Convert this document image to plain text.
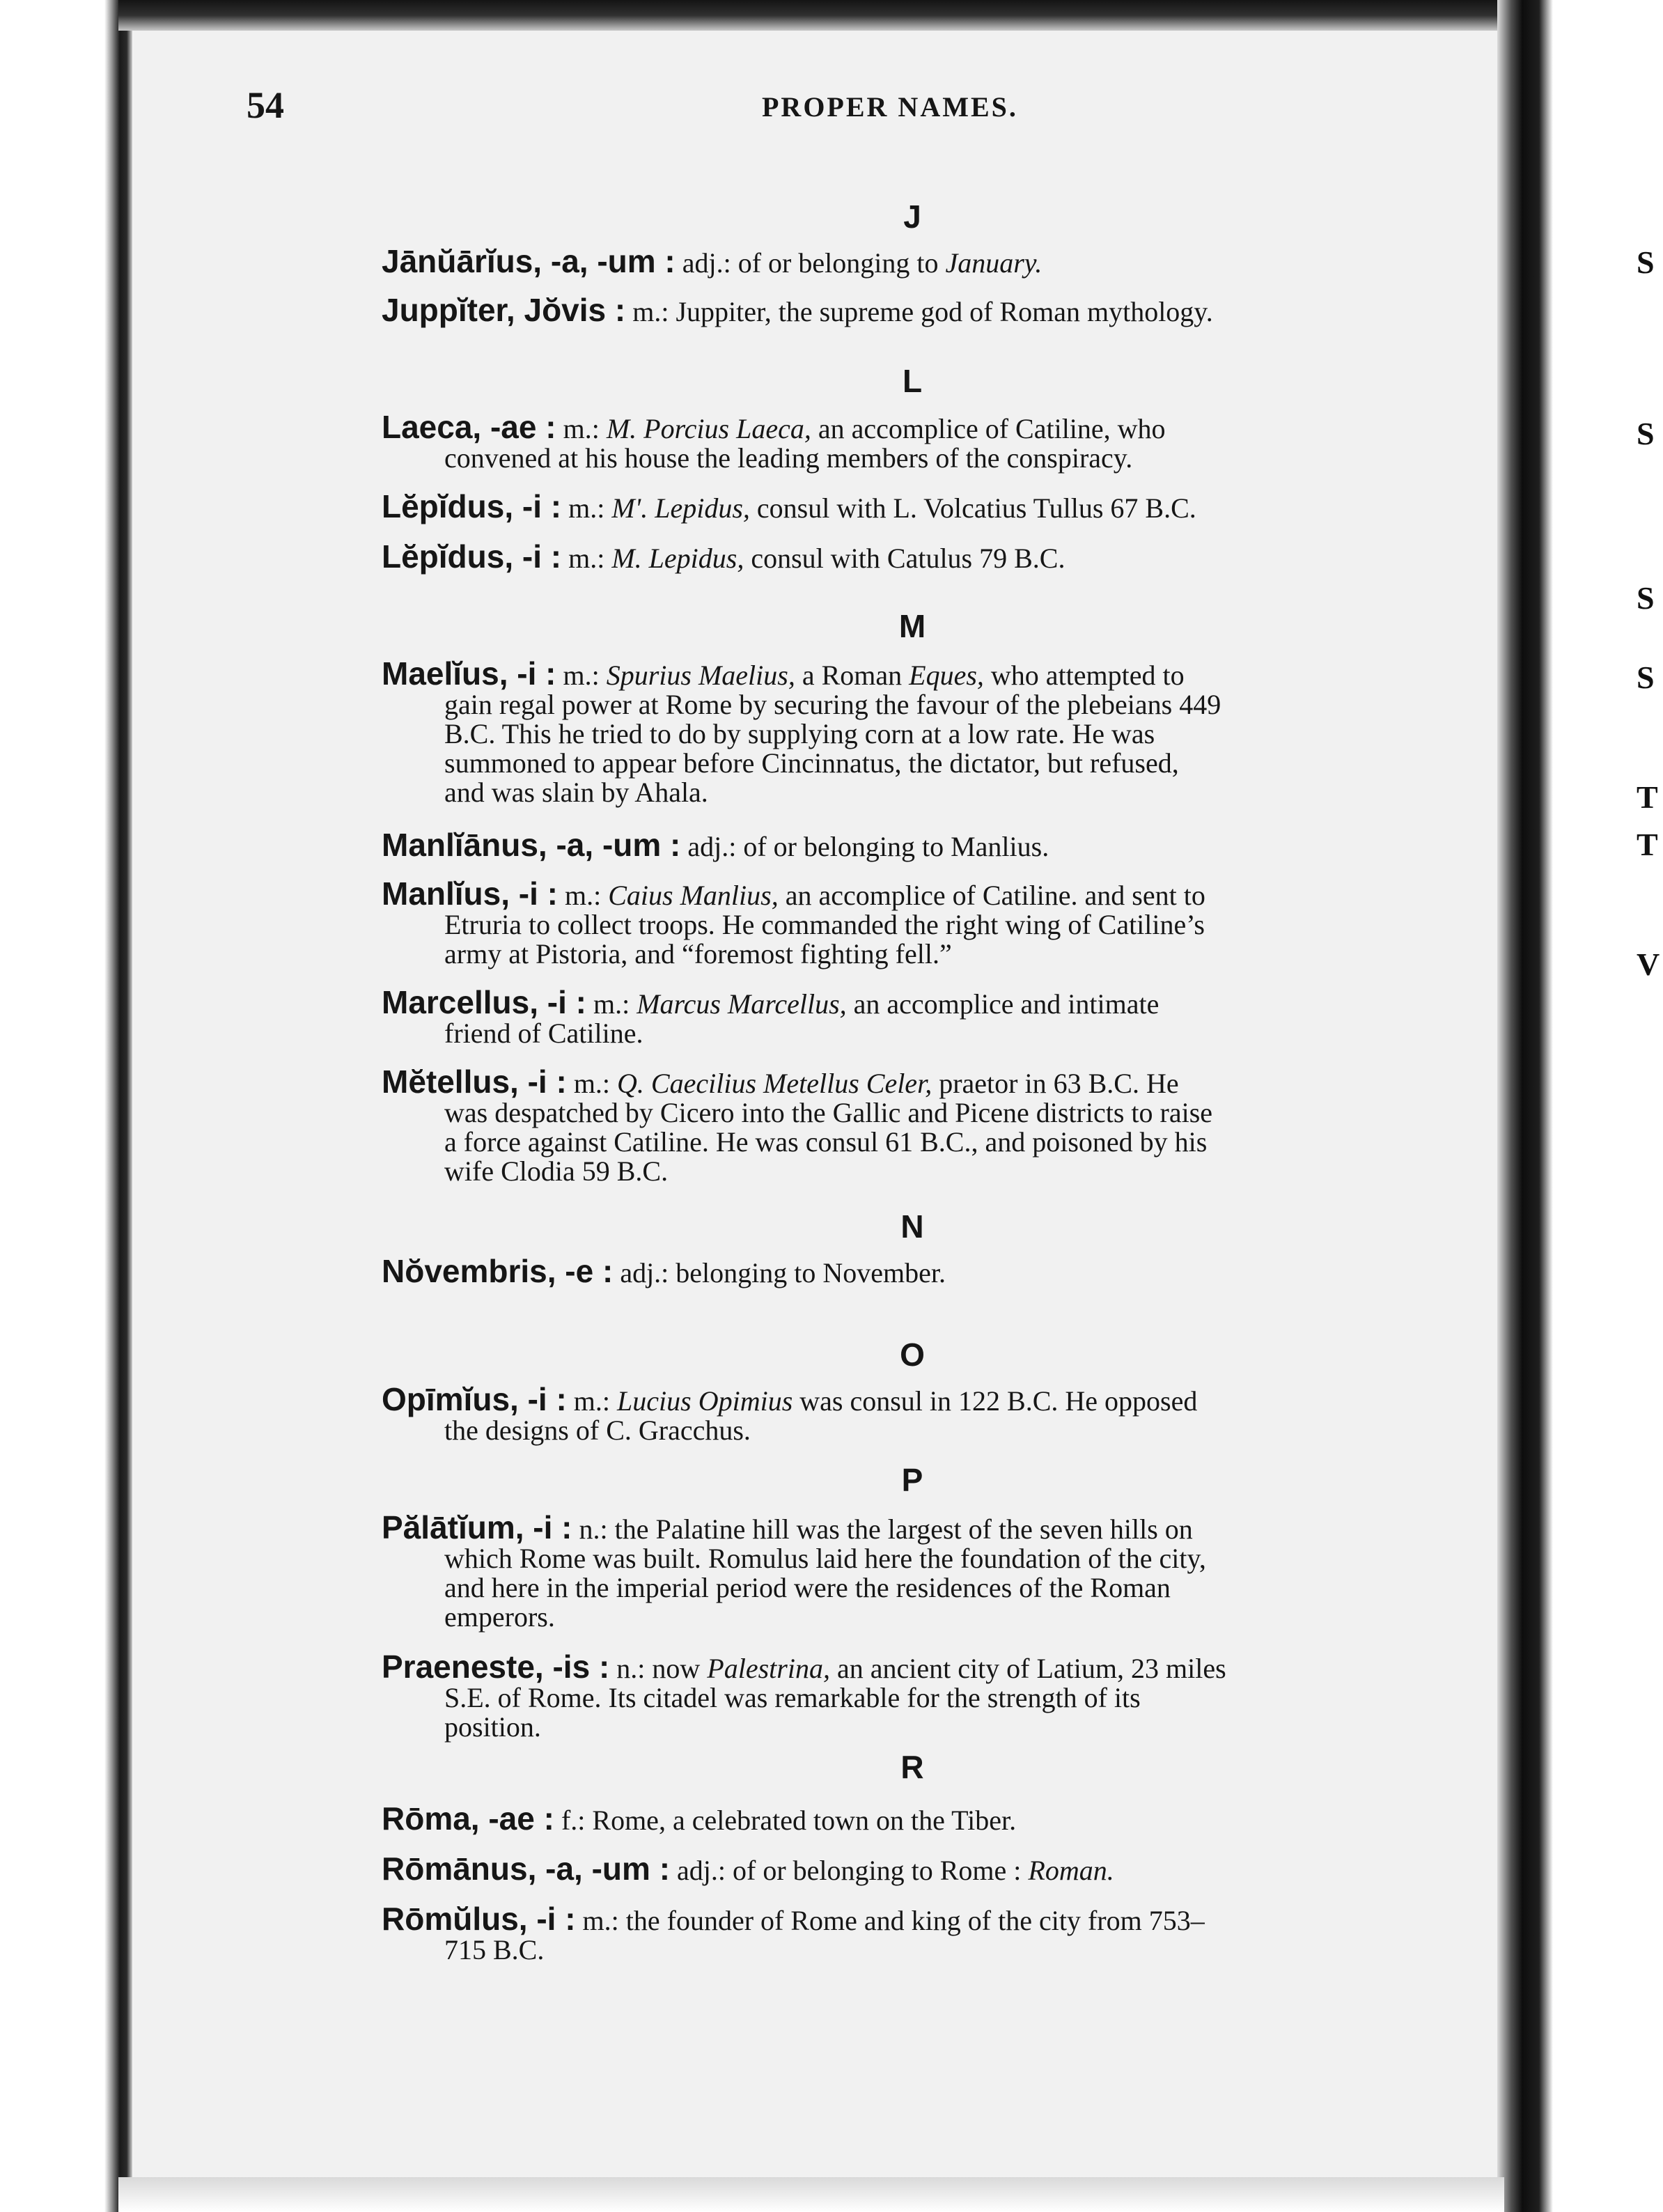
S
S
S
S
T
T
V
54	PROPER NAMES.
J
Jānŭārĭus, -a, -um : adj.: of or belonging to January.
Juppĭter, Jŏvis : m.: Juppiter, the supreme god of Roman mythology.
L
Laeca, -ae : m.: M. Porcius Laeca, an accomplice of Catiline, who
convened at his house the leading members of the conspiracy.
Lĕpĭdus, -i : m.: M'. Lepidus, consul with L. Volcatius Tullus 67 B.C.
Lĕpĭdus, -i : m.: M. Lepidus, consul with Catulus 79 B.C.
M
Maelĭus, -i : m.: Spurius Maelius, a Roman Eques, who attempted to
gain regal power at Rome by securing the favour of the plebeians 449
B.C. This he tried to do by supplying corn at a low rate. He was
summoned to appear before Cincinnatus, the dictator, but refused,
and was slain by Ahala.
Manlĭānus, -a, -um : adj.: of or belonging to Manlius.
Manlĭus, -i : m.: Caius Manlius, an accomplice of Catiline. and sent to
Etruria to collect troops. He commanded the right wing of Catiline’s
army at Pistoria, and “foremost fighting fell.”
Marcellus, -i : m.: Marcus Marcellus, an accomplice and intimate
friend of Catiline.
Mĕtellus, -i : m.: Q. Caecilius Metellus Celer, praetor in 63 B.C. He
was despatched by Cicero into the Gallic and Picene districts to raise
a force against Catiline. He was consul 61 B.C., and poisoned by his
wife Clodia 59 B.C.
N
Nŏvembris, -e : adj.: belonging to November.
O
Opīmĭus, -i : m.: Lucius Opimius was consul in 122 B.C. He opposed
the designs of C. Gracchus.
P
Pălātĭum, -i : n.: the Palatine hill was the largest of the seven hills on
which Rome was built. Romulus laid here the foundation of the city,
and here in the imperial period were the residences of the Roman
emperors.
Praeneste, -is : n.: now Palestrina, an ancient city of Latium, 23 miles
S.E. of Rome. Its citadel was remarkable for the strength of its
position.
R
Rōma, -ae : f.: Rome, a celebrated town on the Tiber.
Rōmānus, -a, -um : adj.: of or belonging to Rome : Roman.
Rōmŭlus, -i : m.: the founder of Rome and king of the city from 753–
715 B.C.
